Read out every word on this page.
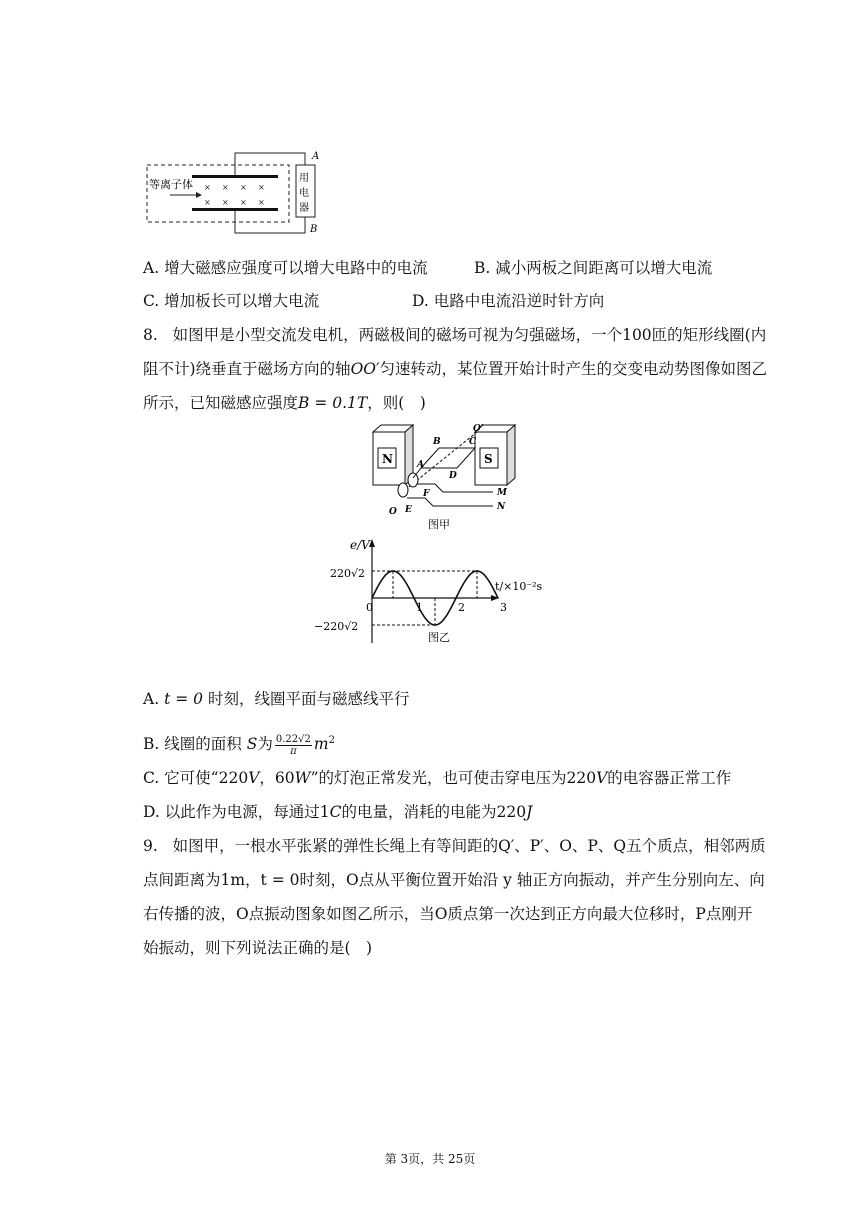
× × × ×
× × × ×
等离子体	用
电
器
A
B
A. 增大磁感应强度可以增大电路中的电流	B. 减小两板之间距离可以增大电流
C. 增加板长可以增大电流	D. 电路中电流沿逆时针方向
8. 如图甲是小型交流发电机，两磁极间的磁场可视为匀强磁场，一个100匝的矩形线圈(内
阻不计)绕垂直于磁场方向的轴OO′匀速转动，某位置开始计时产生的交变电动势图像如图乙
所示，已知磁感应强度B = 0.1T，则(　)
N	S
B
A
C
D
F
E
O
O′
M
N
图甲
e/V
t/×10⁻²s
220√2
−220√2
0	1	2	3
图乙
A. t = 0 时刻，线圈平面与磁感线平行
B. 线圈的面积 S为 $\frac{0.22√2}{\pi} m^2$
C. 它可使“220V，60W”的灯泡正常发光，也可使击穿电压为220V的电容器正常工作
D. 以此作为电源，每通过1C的电量，消耗的电能为220J
9. 如图甲，一根水平张紧的弹性长绳上有等间距的Q′、P′、O、P、Q五个质点，相邻两质
点间距离为1m，t = 0时刻，O点从平衡位置开始沿 y 轴正方向振动，并产生分别向左、向
右传播的波，O点振动图象如图乙所示，当O质点第一次达到正方向最大位移时，P点刚开
始振动，则下列说法正确的是(　)
第 3页，共 25页
